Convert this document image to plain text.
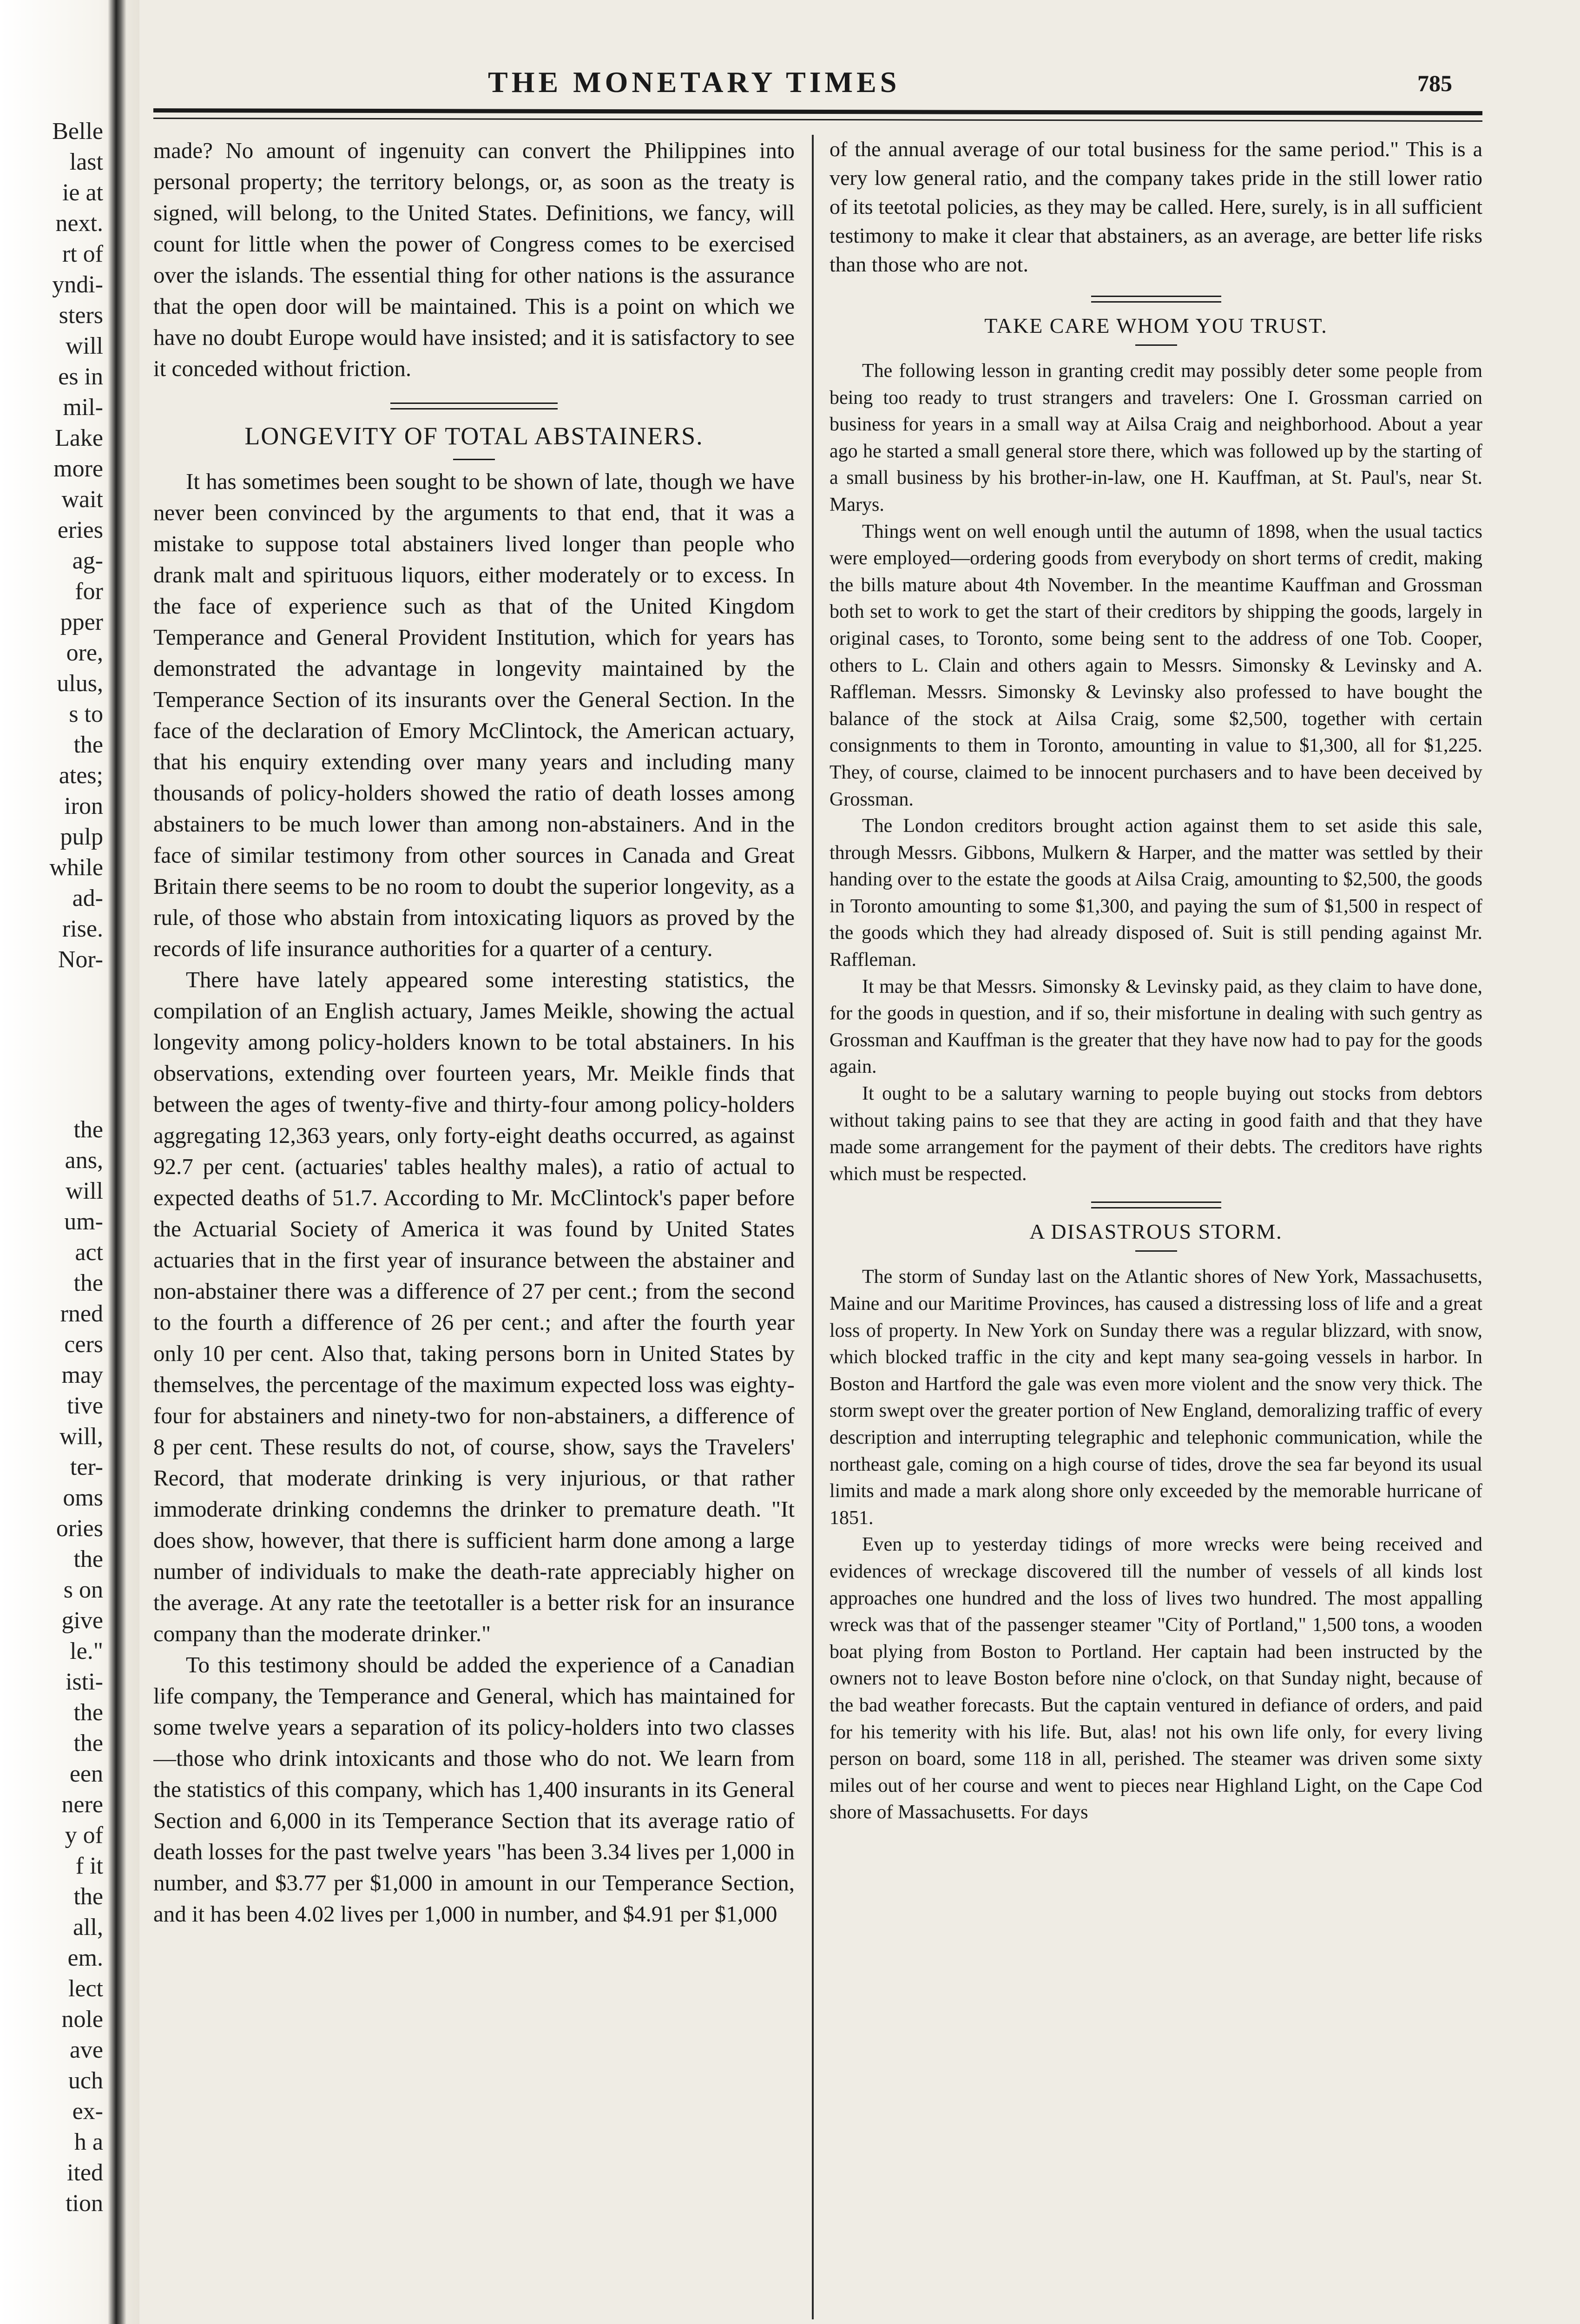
Belle
last
ie at
next.
rt of
yndi-
sters
will
es in
mil-
Lake
more
wait
eries
ag-
for
pper
ore,
ulus,
s to
the
ates;
iron
pulp
while
ad-
rise.
Nor-
the
ans,
will
um-
act
the
rned
cers
may
tive
will,
ter-
oms
ories
the
s on
give
le."
isti-
the
the
een
nere
y of
f it
the
all,
em.
lect
nole
ave
uch
ex-
h a
ited
tion
THE MONETARY TIMES	785

made? No amount of ingenuity can convert the Philippines into personal property; the territory belongs, or, as soon as the treaty is signed, will belong, to the United States. Definitions, we fancy, will count for little when the power of Congress comes to be exercised over the islands. The essential thing for other nations is the assurance that the open door will be maintained. This is a point on which we have no doubt Europe would have insisted; and it is satisfactory to see it conceded without friction.

LONGEVITY OF TOTAL ABSTAINERS.

It has sometimes been sought to be shown of late, though we have never been convinced by the arguments to that end, that it was a mistake to suppose total abstainers lived longer than people who drank malt and spirituous liquors, either moderately or to excess. In the face of experience such as that of the United Kingdom Temperance and General Provident Institution, which for years has demonstrated the advantage in longevity maintained by the Temperance Section of its insurants over the General Section. In the face of the declaration of Emory McClintock, the American actuary, that his enquiry extending over many years and including many thousands of policy-holders showed the ratio of death losses among abstainers to be much lower than among non-abstainers. And in the face of similar testimony from other sources in Canada and Great Britain there seems to be no room to doubt the superior longevity, as a rule, of those who abstain from intoxicating liquors as proved by the records of life insurance authorities for a quarter of a century.

There have lately appeared some interesting statistics, the compilation of an English actuary, James Meikle, showing the actual longevity among policy-holders known to be total abstainers. In his observations, extending over fourteen years, Mr. Meikle finds that between the ages of twenty-five and thirty-four among policy-holders aggregating 12,363 years, only forty-eight deaths occurred, as against 92.7 per cent. (actuaries' tables healthy males), a ratio of actual to expected deaths of 51.7. According to Mr. McClintock's paper before the Actuarial Society of America it was found by United States actuaries that in the first year of insurance between the abstainer and non-abstainer there was a difference of 27 per cent.; from the second to the fourth a difference of 26 per cent.; and after the fourth year only 10 per cent. Also that, taking persons born in United States by themselves, the percentage of the maximum expected loss was eighty-four for abstainers and ninety-two for non-abstainers, a difference of 8 per cent. These results do not, of course, show, says the Travelers' Record, that moderate drinking is very injurious, or that rather immoderate drinking condemns the drinker to premature death. "It does show, however, that there is sufficient harm done among a large number of individuals to make the death-rate appreciably higher on the average. At any rate the teetotaller is a better risk for an insurance company than the moderate drinker."

To this testimony should be added the experience of a Canadian life company, the Temperance and General, which has maintained for some twelve years a separation of its policy-holders into two classes—those who drink intoxicants and those who do not. We learn from the statistics of this company, which has 1,400 insurants in its General Section and 6,000 in its Temperance Section that its average ratio of death losses for the past twelve years "has been 3.34 lives per 1,000 in number, and $3.77 per $1,000 in amount in our Temperance Section, and it has been 4.02 lives per 1,000 in number, and $4.91 per $1,000

of the annual average of our total business for the same period." This is a very low general ratio, and the company takes pride in the still lower ratio of its teetotal policies, as they may be called. Here, surely, is in all sufficient testimony to make it clear that abstainers, as an average, are better life risks than those who are not.

TAKE CARE WHOM YOU TRUST.

The following lesson in granting credit may possibly deter some people from being too ready to trust strangers and travelers: One I. Grossman carried on business for years in a small way at Ailsa Craig and neighborhood. About a year ago he started a small general store there, which was followed up by the starting of a small business by his brother-in-law, one H. Kauffman, at St. Paul's, near St. Marys.

Things went on well enough until the autumn of 1898, when the usual tactics were employed—ordering goods from everybody on short terms of credit, making the bills mature about 4th November. In the meantime Kauffman and Grossman both set to work to get the start of their creditors by shipping the goods, largely in original cases, to Toronto, some being sent to the address of one Tob. Cooper, others to L. Clain and others again to Messrs. Simonsky & Levinsky and A. Raffleman. Messrs. Simonsky & Levinsky also professed to have bought the balance of the stock at Ailsa Craig, some $2,500, together with certain consignments to them in Toronto, amounting in value to $1,300, all for $1,225. They, of course, claimed to be innocent purchasers and to have been deceived by Grossman.

The London creditors brought action against them to set aside this sale, through Messrs. Gibbons, Mulkern & Harper, and the matter was settled by their handing over to the estate the goods at Ailsa Craig, amounting to $2,500, the goods in Toronto amounting to some $1,300, and paying the sum of $1,500 in respect of the goods which they had already disposed of. Suit is still pending against Mr. Raffleman.

It may be that Messrs. Simonsky & Levinsky paid, as they claim to have done, for the goods in question, and if so, their misfortune in dealing with such gentry as Grossman and Kauffman is the greater that they have now had to pay for the goods again.

It ought to be a salutary warning to people buying out stocks from debtors without taking pains to see that they are acting in good faith and that they have made some arrangement for the payment of their debts. The creditors have rights which must be respected.

A DISASTROUS STORM.

The storm of Sunday last on the Atlantic shores of New York, Massachusetts, Maine and our Maritime Provinces, has caused a distressing loss of life and a great loss of property. In New York on Sunday there was a regular blizzard, with snow, which blocked traffic in the city and kept many sea-going vessels in harbor. In Boston and Hartford the gale was even more violent and the snow very thick. The storm swept over the greater portion of New England, demoralizing traffic of every description and interrupting telegraphic and telephonic communication, while the northeast gale, coming on a high course of tides, drove the sea far beyond its usual limits and made a mark along shore only exceeded by the memorable hurricane of 1851.

Even up to yesterday tidings of more wrecks were being received and evidences of wreckage discovered till the number of vessels of all kinds lost approaches one hundred and the loss of lives two hundred. The most appalling wreck was that of the passenger steamer "City of Portland," 1,500 tons, a wooden boat plying from Boston to Portland. Her captain had been instructed by the owners not to leave Boston before nine o'clock, on that Sunday night, because of the bad weather forecasts. But the captain ventured in defiance of orders, and paid for his temerity with his life. But, alas! not his own life only, for every living person on board, some 118 in all, perished. The steamer was driven some sixty miles out of her course and went to pieces near Highland Light, on the Cape Cod shore of Massachusetts. For days
